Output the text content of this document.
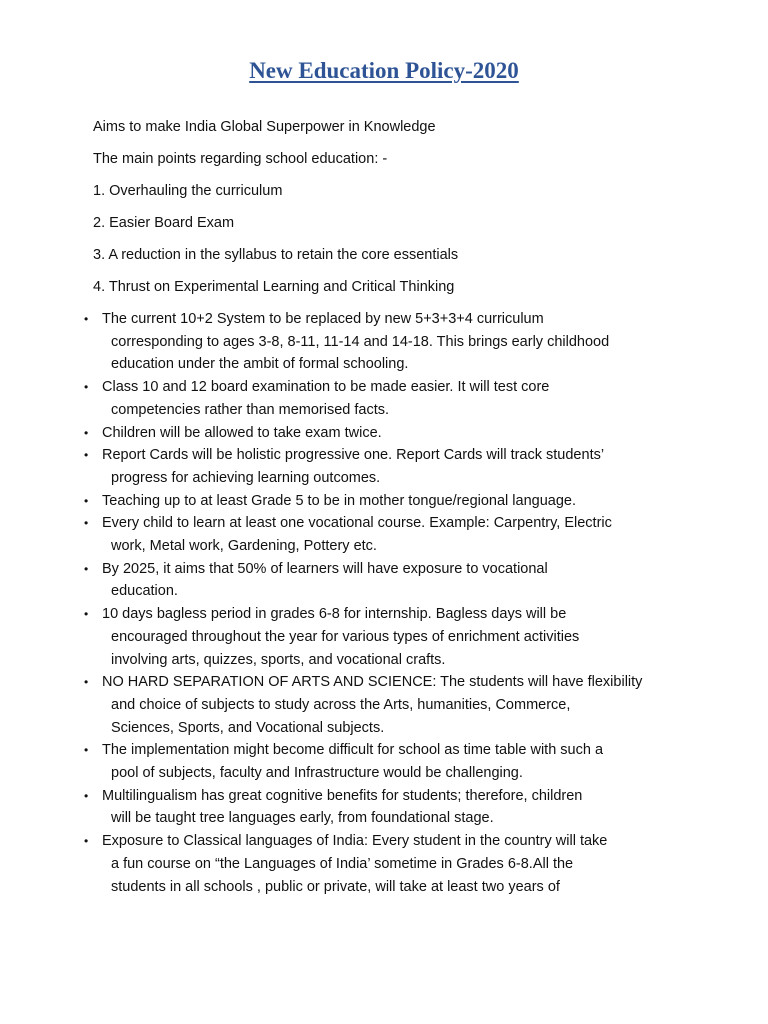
New Education Policy-2020

Aims to make India Global Superpower in Knowledge

The main points regarding school education: -

1. Overhauling the curriculum

2. Easier Board Exam

3. A reduction in the syllabus to retain the core essentials

4. Thrust on Experimental Learning and Critical Thinking

• The current 10+2 System to be replaced by new 5+3+3+4 curriculum
corresponding to ages 3-8, 8-11, 11-14 and 14-18. This brings early childhood
education under the ambit of formal schooling.
• Class 10 and 12 board examination to be made easier. It will test core
competencies rather than memorised facts.
• Children will be allowed to take exam twice.
• Report Cards will be holistic progressive one. Report Cards will track students’
progress for achieving learning outcomes.
• Teaching up to at least Grade 5 to be in mother tongue/regional language.
• Every child to learn at least one vocational course. Example: Carpentry, Electric
work, Metal work, Gardening, Pottery etc.
• By 2025, it aims that 50% of learners will have exposure to vocational
education.
• 10 days bagless period in grades 6-8 for internship. Bagless days will be
encouraged throughout the year for various types of enrichment activities
involving arts, quizzes, sports, and vocational crafts.
• NO HARD SEPARATION OF ARTS AND SCIENCE: The students will have flexibility
and choice of subjects to study across the Arts, humanities, Commerce,
Sciences, Sports, and Vocational subjects.
• The implementation might become difficult for school as time table with such a
pool of subjects, faculty and Infrastructure would be challenging.
• Multilingualism has great cognitive benefits for students; therefore, children
will be taught tree languages early, from foundational stage.
• Exposure to Classical languages of India: Every student in the country will take
a fun course on “the Languages of India’ sometime in Grades 6-8.All the
students in all schools , public or private, will take at least two years of
